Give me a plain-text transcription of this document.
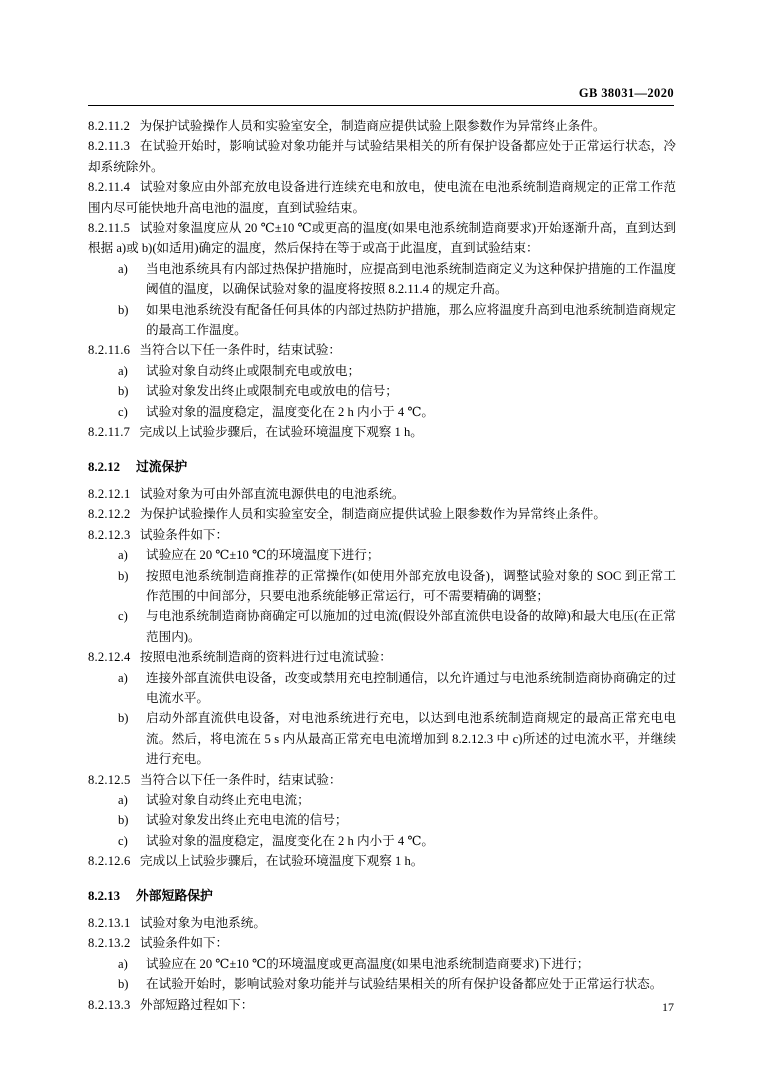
GB 38031—2020

8.2.11.2 为保护试验操作人员和实验室安全，制造商应提供试验上限参数作为异常终止条件。

8.2.11.3 在试验开始时，影响试验对象功能并与试验结果相关的所有保护设备都应处于正常运行状态，冷却系统除外。

8.2.11.4 试验对象应由外部充放电设备进行连续充电和放电，使电流在电池系统制造商规定的正常工作范围内尽可能快地升高电池的温度，直到试验结束。

8.2.11.5 试验对象温度应从 20 ℃±10 ℃或更高的温度(如果电池系统制造商要求)开始逐渐升高，直到达到根据 a)或 b)(如适用)确定的温度，然后保持在等于或高于此温度，直到试验结束：

a)	当电池系统具有内部过热保护措施时，应提高到电池系统制造商定义为这种保护措施的工作温度阈值的温度，以确保试验对象的温度将按照 8.2.11.4 的规定升高。

b)	如果电池系统没有配备任何具体的内部过热防护措施，那么应将温度升高到电池系统制造商规定的最高工作温度。

8.2.11.6 当符合以下任一条件时，结束试验：

a)	试验对象自动终止或限制充电或放电；

b)	试验对象发出终止或限制充电或放电的信号；

c)	试验对象的温度稳定，温度变化在 2 h 内小于 4 ℃。

8.2.11.7 完成以上试验步骤后，在试验环境温度下观察 1 h。

8.2.12 过流保护

8.2.12.1 试验对象为可由外部直流电源供电的电池系统。

8.2.12.2 为保护试验操作人员和实验室安全，制造商应提供试验上限参数作为异常终止条件。

8.2.12.3 试验条件如下：

a)	试验应在 20 ℃±10 ℃的环境温度下进行；

b)	按照电池系统制造商推荐的正常操作(如使用外部充放电设备)，调整试验对象的 SOC 到正常工作范围的中间部分，只要电池系统能够正常运行，可不需要精确的调整；

c)	与电池系统制造商协商确定可以施加的过电流(假设外部直流供电设备的故障)和最大电压(在正常范围内)。

8.2.12.4 按照电池系统制造商的资料进行过电流试验：

a)	连接外部直流供电设备，改变或禁用充电控制通信，以允许通过与电池系统制造商协商确定的过电流水平。

b)	启动外部直流供电设备，对电池系统进行充电，以达到电池系统制造商规定的最高正常充电电流。然后，将电流在 5 s 内从最高正常充电电流增加到 8.2.12.3 中 c)所述的过电流水平，并继续进行充电。

8.2.12.5 当符合以下任一条件时，结束试验：

a)	试验对象自动终止充电电流；

b)	试验对象发出终止充电电流的信号；

c)	试验对象的温度稳定，温度变化在 2 h 内小于 4 ℃。

8.2.12.6 完成以上试验步骤后，在试验环境温度下观察 1 h。

8.2.13 外部短路保护

8.2.13.1 试验对象为电池系统。

8.2.13.2 试验条件如下：

a)	试验应在 20 ℃±10 ℃的环境温度或更高温度(如果电池系统制造商要求)下进行；

b)	在试验开始时，影响试验对象功能并与试验结果相关的所有保护设备都应处于正常运行状态。

8.2.13.3 外部短路过程如下：	17
